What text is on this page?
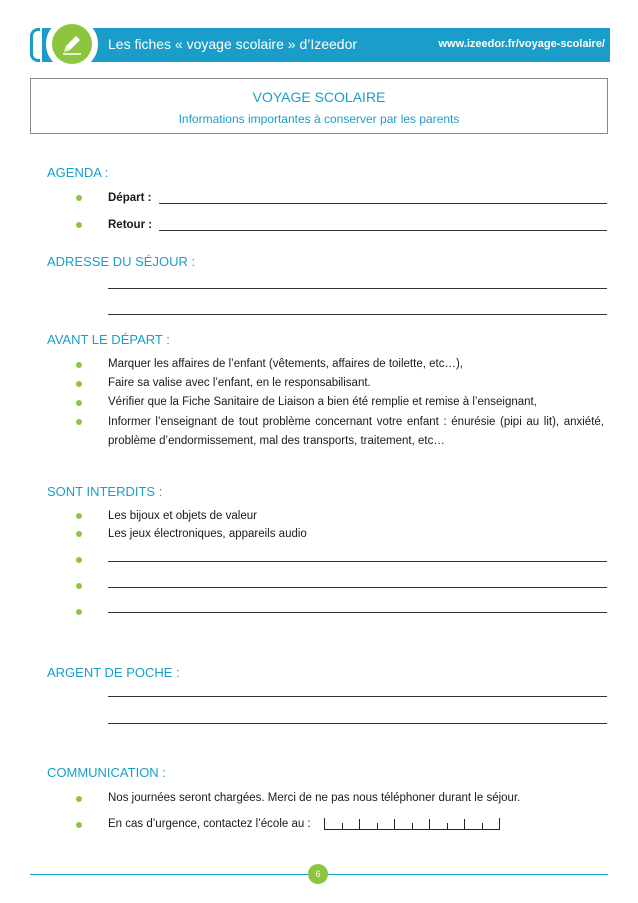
Les fiches « voyage scolaire » d’Izeedor	www.izeedor.fr/voyage-scolaire/
VOYAGE SCOLAIRE
Informations importantes à conserver par les parents
AGENDA :
Départ :
Retour :
ADRESSE DU SÉJOUR :
AVANT LE DÉPART :
Marquer les affaires de l’enfant (vêtements, affaires de toilette, etc…),
Faire sa valise avec l’enfant, en le responsabilisant.
Vérifier que la Fiche Sanitaire de Liaison a bien été remplie et remise à l’enseignant,
Informer l’enseignant de tout problème concernant votre enfant : énurésie (pipi au lit), anxiété, problème d’endormissement, mal des transports, traitement, etc…
SONT INTERDITS :
Les bijoux et objets de valeur
Les jeux électroniques, appareils audio
ARGENT DE POCHE :
COMMUNICATION :
Nos journées seront chargées. Merci de ne pas nous téléphoner durant le séjour.
En cas d’urgence, contactez l’école au :
6
